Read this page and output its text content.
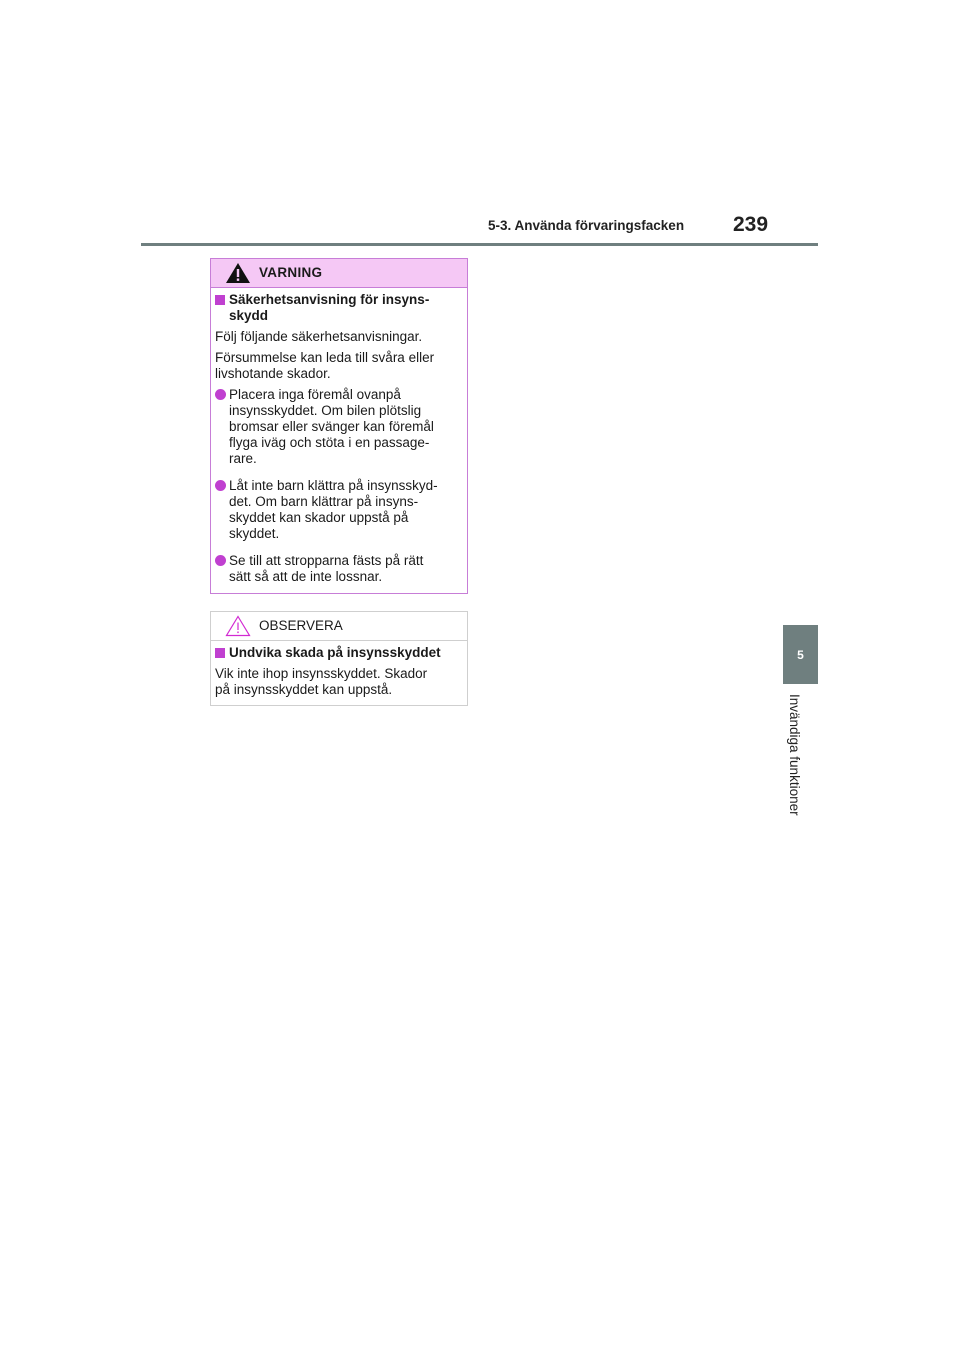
5-3. Använda förvaringsfacken 239
5
Invändiga funktioner
VARNING
Säkerhetsanvisning för insyns-
skydd

Följ följande säkerhetsanvisningar.

Försummelse kan leda till svåra eller
livshotande skador.

Placera inga föremål ovanpå
insynsskyddet. Om bilen plötslig
bromsar eller svänger kan föremål
flyga iväg och stöta i en passage-
rare.
Låt inte barn klättra på insynsskyd-
det. Om barn klättrar på insyns-
skyddet kan skador uppstå på
skyddet.
Se till att stropparna fästs på rätt
sätt så att de inte lossnar.
OBSERVERA
Undvika skada på insynsskyddet

Vik inte ihop insynsskyddet. Skador
på insynsskyddet kan uppstå.
